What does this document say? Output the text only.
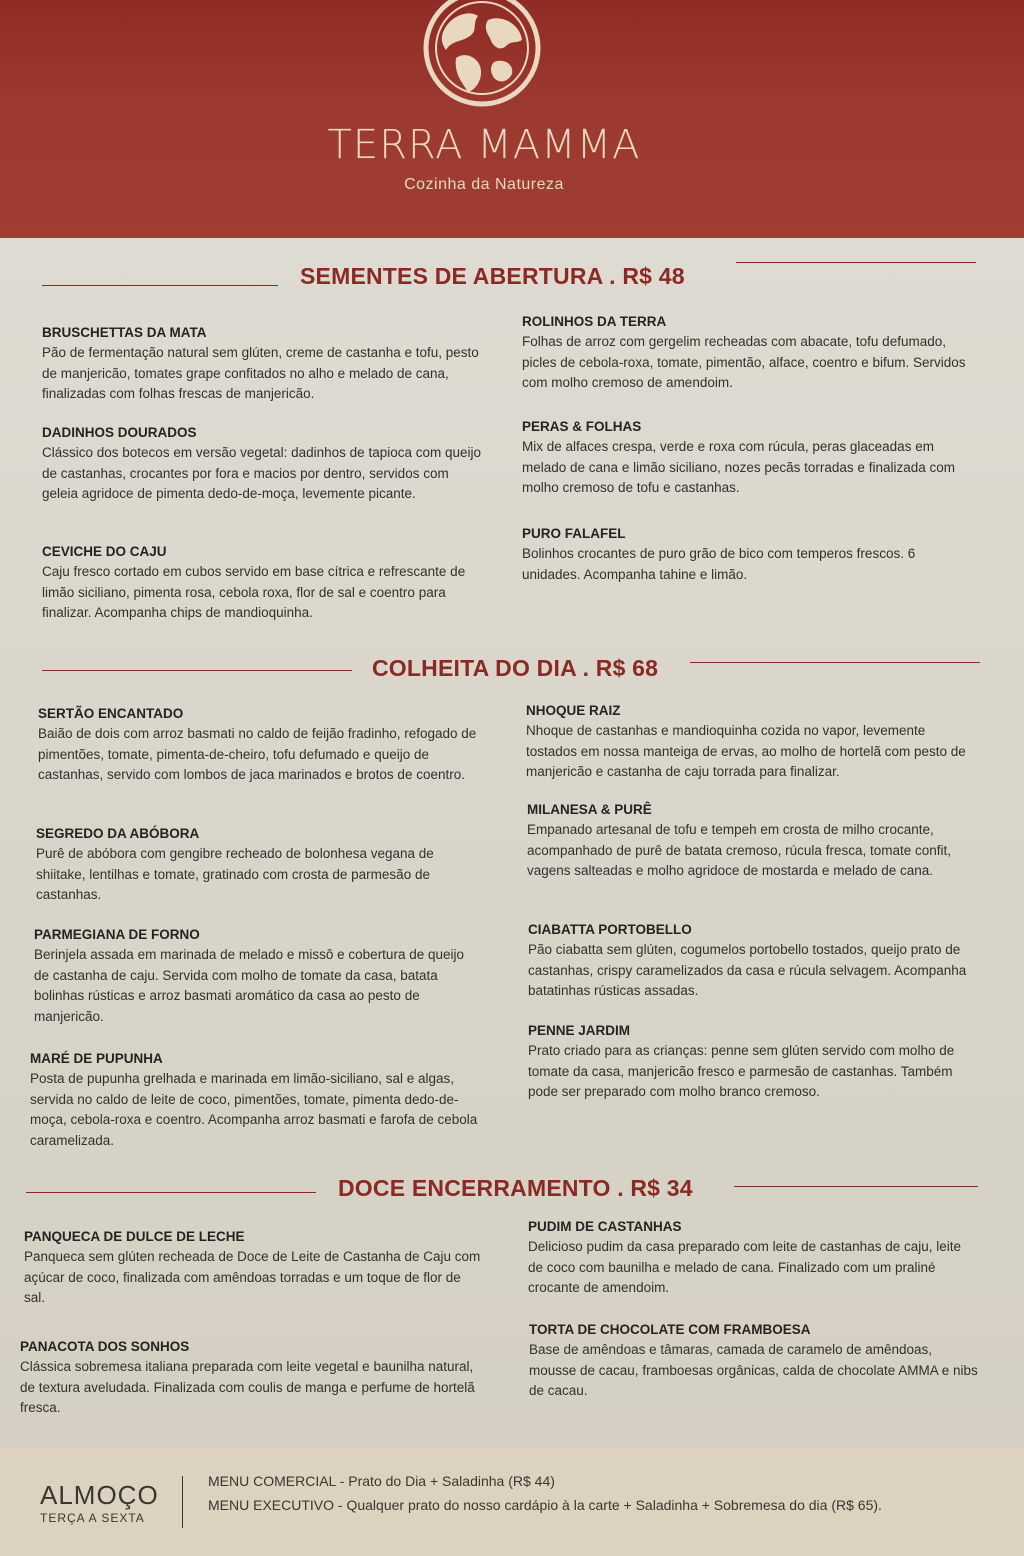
TERRA MAMMA
Cozinha da Natureza
SEMENTES DE ABERTURA . R$ 48
BRUSCHETTAS DA MATA
Pão de fermentação natural sem glúten, creme de castanha e tofu, pesto de manjericão, tomates grape confitados no alho e melado de cana, finalizadas com folhas frescas de manjericão.
DADINHOS DOURADOS
Clássico dos botecos em versão vegetal: dadinhos de tapioca com queijo de castanhas, crocantes por fora e macios por dentro, servidos com geleia agridoce de pimenta dedo-de-moça, levemente picante.
CEVICHE DO CAJU
Caju fresco cortado em cubos servido em base cítrica e refrescante de limão siciliano, pimenta rosa, cebola roxa, flor de sal e coentro para finalizar. Acompanha chips de mandioquinha.
ROLINHOS DA TERRA
Folhas de arroz com gergelim recheadas com abacate, tofu defumado, picles de cebola-roxa, tomate, pimentão, alface, coentro e bifum. Servidos com molho cremoso de amendoim.
PERAS & FOLHAS
Mix de alfaces crespa, verde e roxa com rúcula, peras glaceadas em melado de cana e limão siciliano, nozes pecãs torradas e finalizada com molho cremoso de tofu e castanhas.
PURO FALAFEL
Bolinhos crocantes de puro grão de bico com temperos frescos. 6 unidades. Acompanha tahine e limão.
COLHEITA DO DIA . R$ 68
SERTÃO ENCANTADO
Baião de dois com arroz basmati no caldo de feijão fradinho, refogado de pimentões, tomate, pimenta-de-cheiro, tofu defumado e queijo de castanhas, servido com lombos de jaca marinados e brotos de coentro.
SEGREDO DA ABÓBORA
Purê de abóbora com gengibre recheado de bolonhesa vegana de shiitake, lentilhas e tomate, gratinado com crosta de parmesão de castanhas.
PARMEGIANA DE FORNO
Berinjela assada em marinada de melado e missô e cobertura de queijo de castanha de caju. Servida com molho de tomate da casa, batata bolinhas rústicas e arroz basmati aromático da casa ao pesto de manjericão.
MARÉ DE PUPUNHA
Posta de pupunha grelhada e marinada em limão-siciliano, sal e algas, servida no caldo de leite de coco, pimentões, tomate, pimenta dedo-de-moça, cebola-roxa e coentro. Acompanha arroz basmati e farofa de cebola caramelizada.
NHOQUE RAIZ
Nhoque de castanhas e mandioquinha cozida no vapor, levemente tostados em nossa manteiga de ervas, ao molho de hortelã com pesto de manjericão e castanha de caju torrada para finalizar.
MILANESA & PURÊ
Empanado artesanal de tofu e tempeh em crosta de milho crocante, acompanhado de purê de batata cremoso, rúcula fresca, tomate confit, vagens salteadas e molho agridoce de mostarda e melado de cana.
CIABATTA PORTOBELLO
Pão ciabatta sem glúten, cogumelos portobello tostados, queijo prato de castanhas, crispy caramelizados da casa e rúcula selvagem. Acompanha batatinhas rústicas assadas.
PENNE JARDIM
Prato criado para as crianças: penne sem glúten servido com molho de tomate da casa, manjericão fresco e parmesão de castanhas. Também pode ser preparado com molho branco cremoso.
DOCE ENCERRAMENTO . R$ 34
PANQUECA DE DULCE DE LECHE
Panqueca sem glúten recheada de Doce de Leite de Castanha de Caju com açúcar de coco, finalizada com amêndoas torradas e um toque de flor de sal.
PANACOTA DOS SONHOS
Clássica sobremesa italiana preparada com leite vegetal e baunilha natural, de textura aveludada. Finalizada com coulis de manga e perfume de hortelã fresca.
PUDIM DE CASTANHAS
Delicioso pudim da casa preparado com leite de castanhas de caju, leite de coco com baunilha e melado de cana. Finalizado com um praliné crocante de amendoim.
TORTA DE CHOCOLATE COM FRAMBOESA
Base de amêndoas e tâmaras, camada de caramelo de amêndoas, mousse de cacau, framboesas orgânicas, calda de chocolate AMMA e nibs de cacau.
ALMOÇO
TERÇA A SEXTA
MENU COMERCIAL - Prato do Dia + Saladinha (R$ 44)
MENU EXECUTIVO - Qualquer prato do nosso cardápio à la carte + Saladinha + Sobremesa do dia (R$ 65).
